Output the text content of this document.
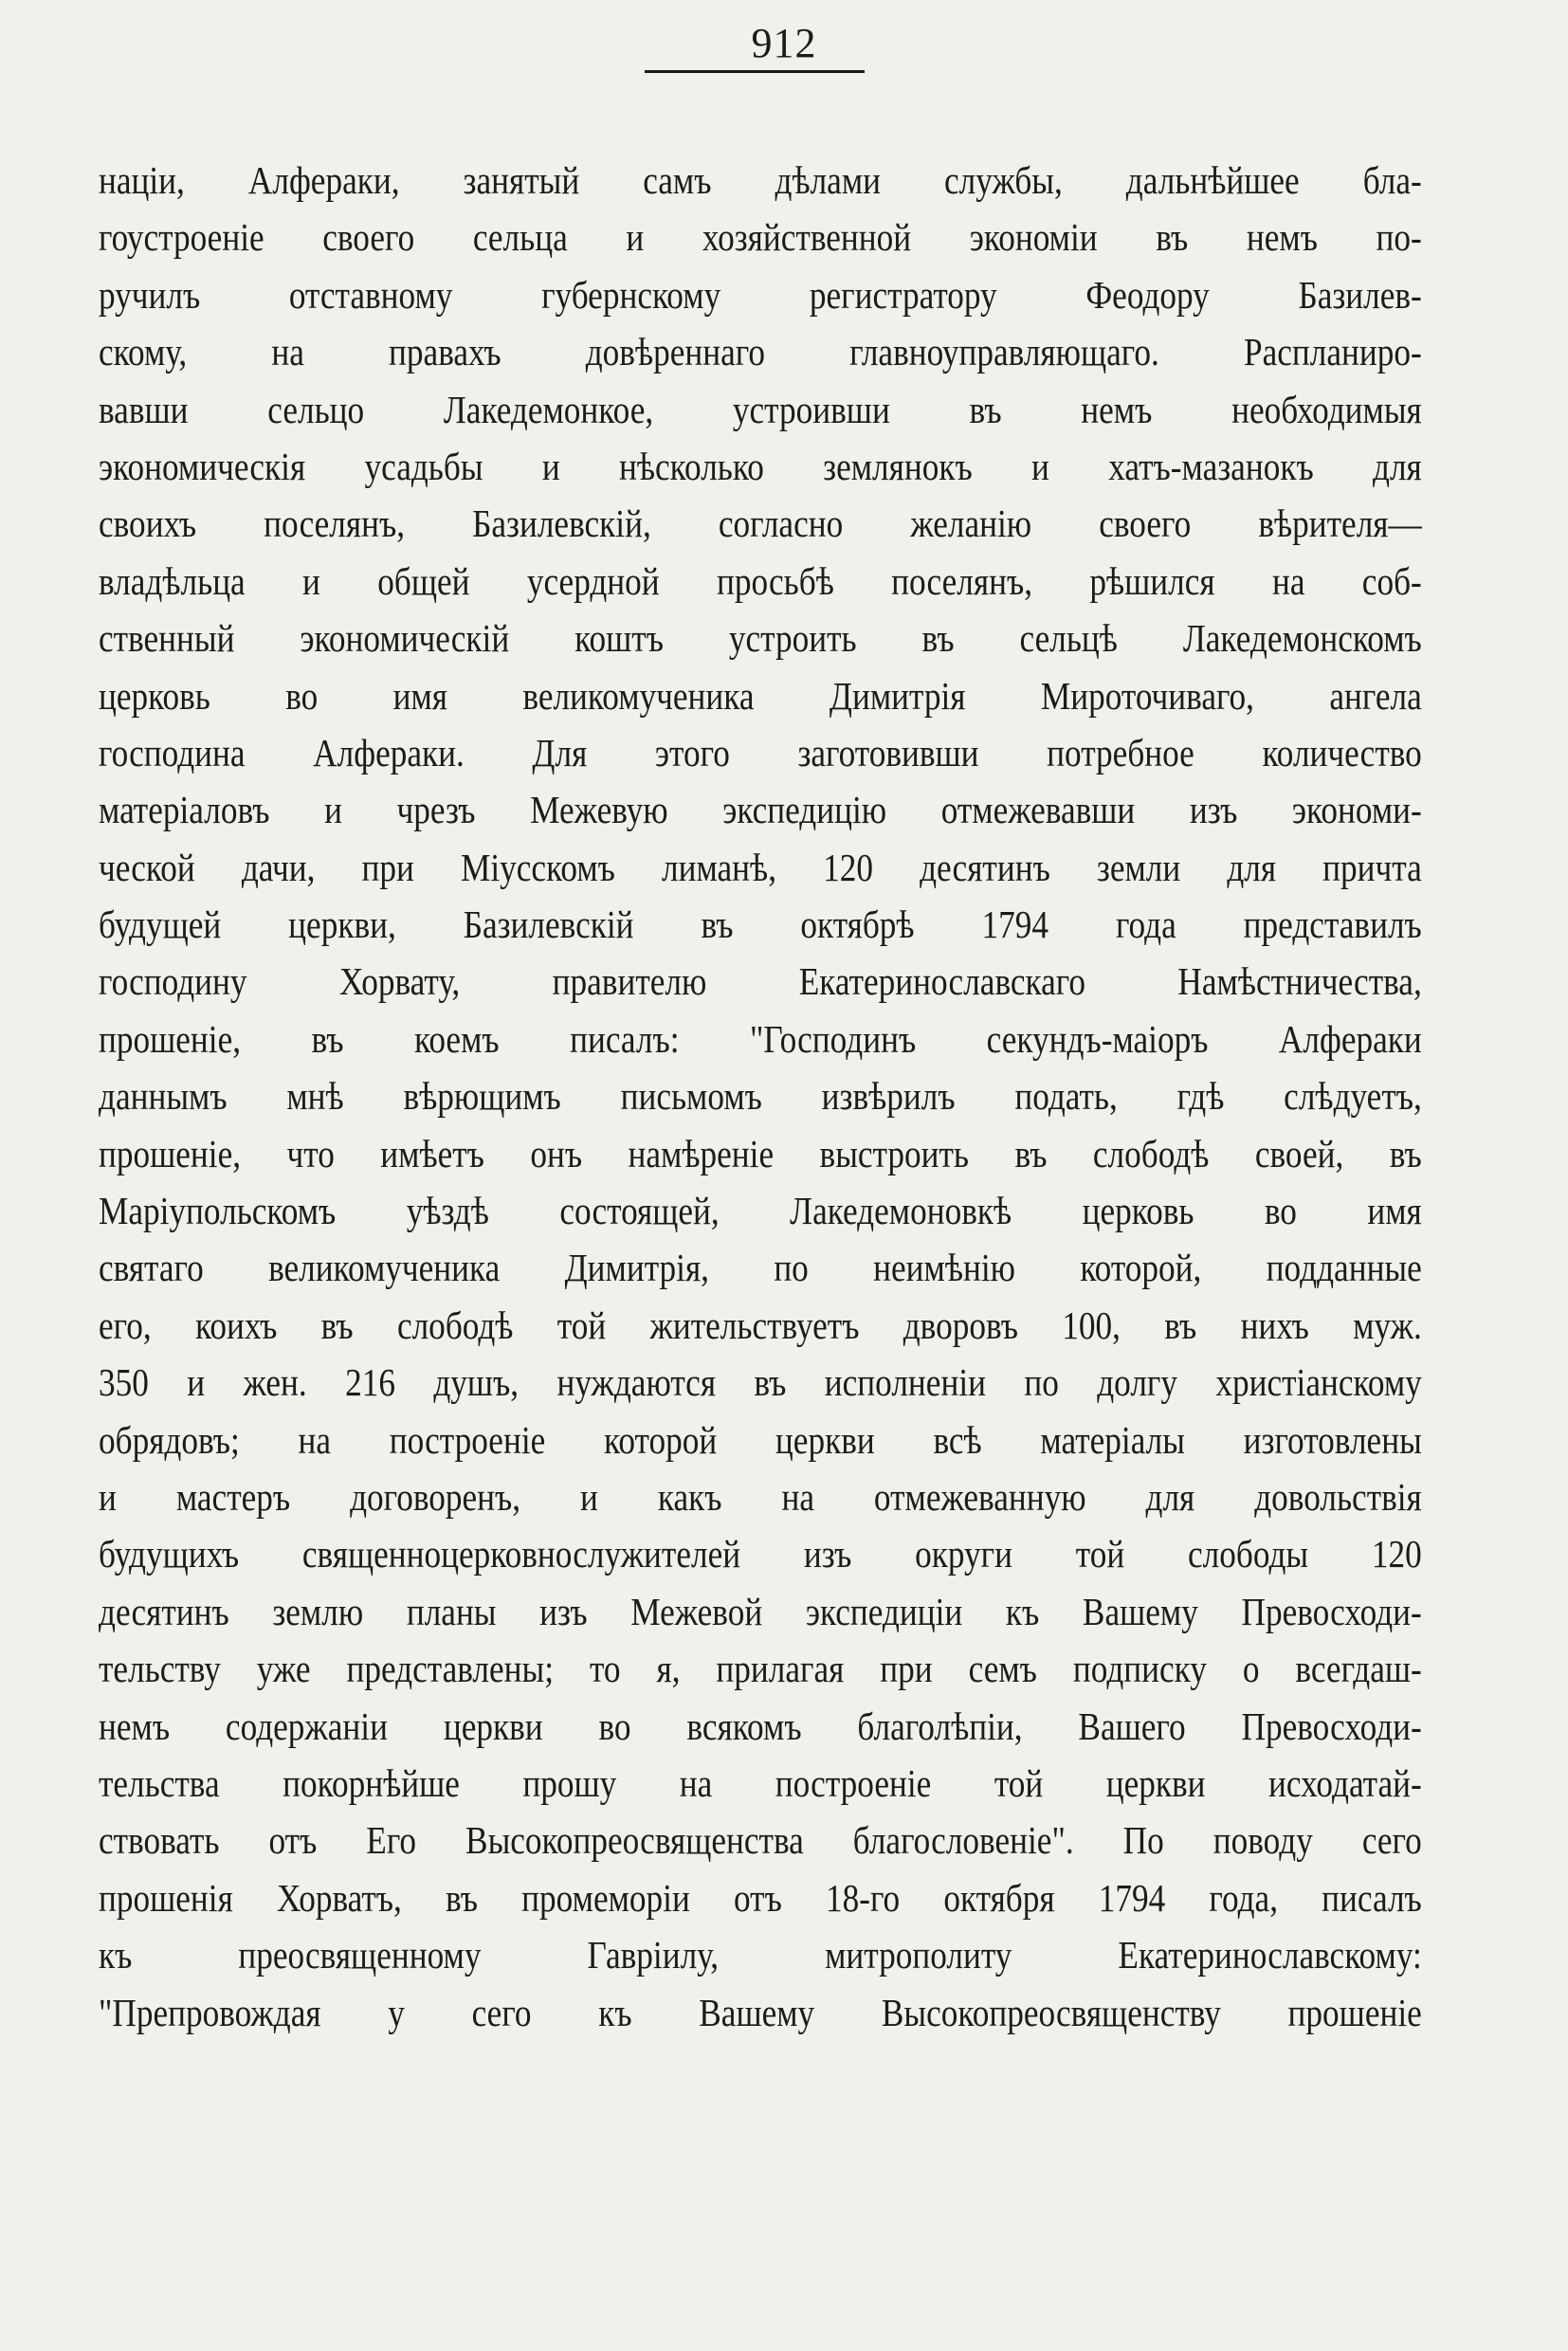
912
націи, Алфераки, занятый самъ дѣлами службы, дальнѣйшее бла-
гоустроеніе своего сельца и хозяйственной экономіи въ немъ по-
ручилъ отставному губернскому регистратору Феодору Базилев-
скому, на правахъ довѣреннаго главноуправляющаго. Распланиро-
вавши сельцо Лакедемонкое, устроивши въ немъ необходимыя
экономическія усадьбы и нѣсколько землянокъ и хатъ-мазанокъ для
своихъ поселянъ, Базилевскій, согласно желанію своего вѣрителя—
владѣльца и общей усердной просьбѣ поселянъ, рѣшился на соб-
ственный экономическій коштъ устроить въ сельцѣ Лакедемонскомъ
церковь во имя великомученика Димитрія Мироточиваго, ангела
господина Алфераки. Для этого заготовивши потребное количество
матеріаловъ и чрезъ Межевую экспедицію отмежевавши изъ экономи-
ческой дачи, при Міусскомъ лиманѣ, 120 десятинъ земли для причта
будущей церкви, Базилевскій въ октябрѣ 1794 года представилъ
господину Хорвату, правителю Екатеринославскаго Намѣстничества,
прошеніе, въ коемъ писалъ: "Господинъ секундъ-маіоръ Алфераки
даннымъ мнѣ вѣрющимъ письмомъ извѣрилъ подать, гдѣ слѣдуетъ,
прошеніе, что имѣетъ онъ намѣреніе выстроить въ слободѣ своей, въ
Маріупольскомъ уѣздѣ состоящей, Лакедемоновкѣ церковь во имя
святаго великомученика Димитрія, по неимѣнію которой, подданные
его, коихъ въ слободѣ той жительствуетъ дворовъ 100, въ нихъ муж.
350 и жен. 216 душъ, нуждаются въ исполненіи по долгу христіанскому
обрядовъ; на построеніе которой церкви всѣ матеріалы изготовлены
и мастеръ договоренъ, и какъ на отмежеванную для довольствія
будущихъ священноцерковнослужителей изъ округи той слободы 120
десятинъ землю планы изъ Межевой экспедиціи къ Вашему Превосходи-
тельству уже представлены; то я, прилагая при семъ подписку о всегдаш-
немъ содержаніи церкви во всякомъ благолѣпіи, Вашего Превосходи-
тельства покорнѣйше прошу на построеніе той церкви исходатай-
ствовать отъ Его Высокопреосвященства благословеніе". По поводу сего
прошенія Хорватъ, въ промеморіи отъ 18-го октября 1794 года, писалъ
къ преосвященному Гавріилу, митрополиту Екатеринославскому:
"Препровождая у сего къ Вашему Высокопреосвященству прошеніе
